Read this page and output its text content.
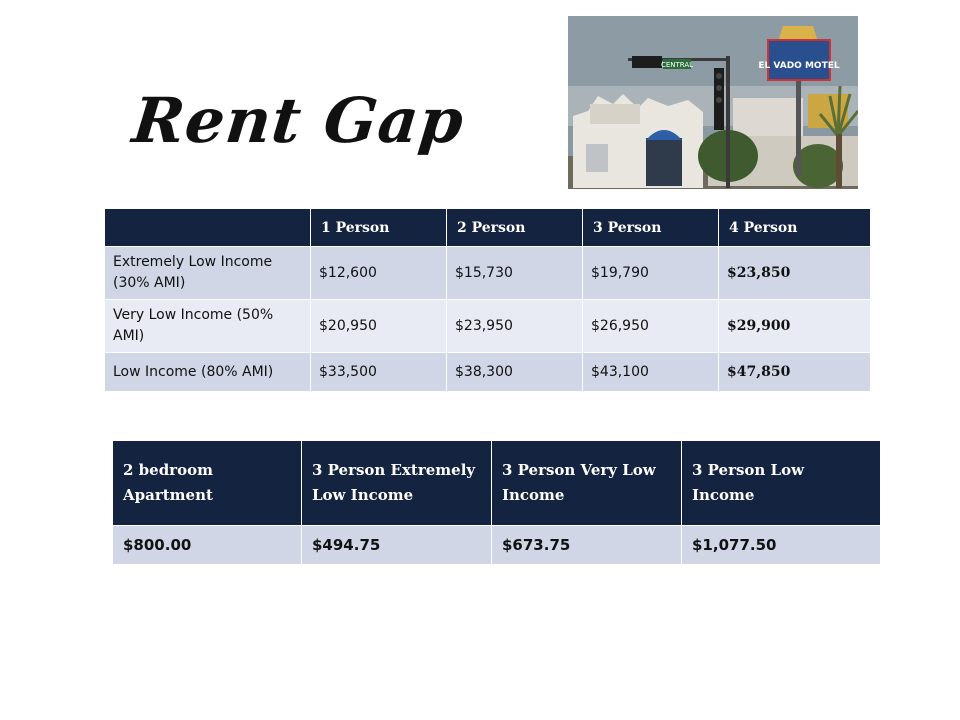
Rent Gap
CENTRAL	EL VADO MOTEL
	1 Person	2 Person	3 Person	4 Person
Extremely Low Income (30% AMI)	$12,600	$15,730	$19,790	$23,850
Very Low Income (50% AMI)	$20,950	$23,950	$26,950	$29,900
Low Income (80% AMI)	$33,500	$38,300	$43,100	$47,850
2 bedroom Apartment	3 Person Extremely Low Income	3 Person Very Low Income	3 Person Low Income
$800.00	$494.75	$673.75	$1,077.50
